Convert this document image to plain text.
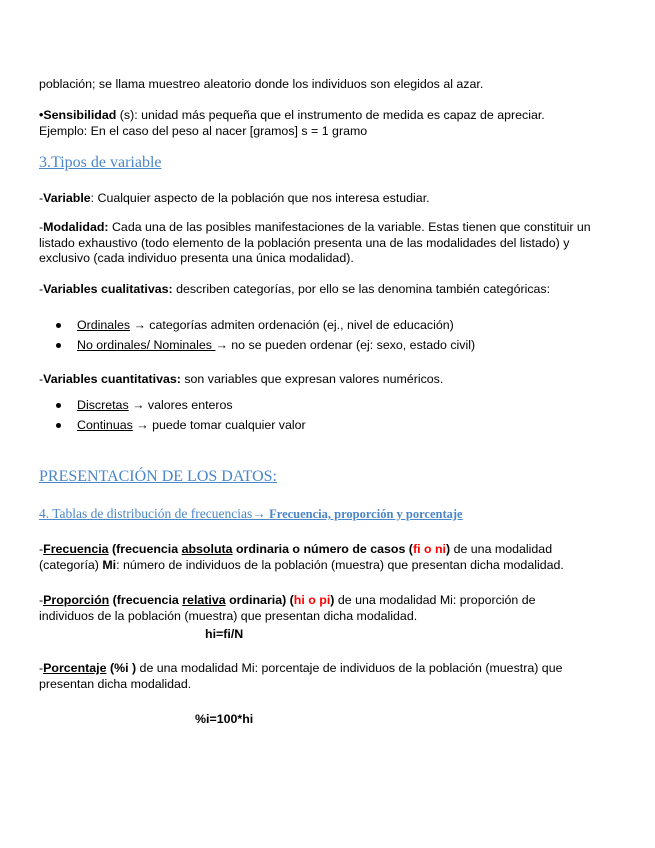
población; se llama muestreo aleatorio donde los individuos son elegidos al azar.
•Sensibilidad (s): unidad más pequeña que el instrumento de medida es capaz de apreciar.
Ejemplo: En el caso del peso al nacer [gramos] s = 1 gramo
3.Tipos de variable
-Variable: Cualquier aspecto de la población que nos interesa estudiar.
-Modalidad: Cada una de las posibles manifestaciones de la variable. Estas tienen que constituir un listado exhaustivo (todo elemento de la población presenta una de las modalidades del listado) y exclusivo (cada individuo presenta una única modalidad).
-Variables cualitativas: describen categorías, por ello se las denomina también categóricas:
Ordinales → categorías admiten ordenación (ej., nivel de educación)
No ordinales/ Nominales → no se pueden ordenar (ej: sexo, estado civil)
-Variables cuantitativas: son variables que expresan valores numéricos.
Discretas → valores enteros
Continuas → puede tomar cualquier valor
PRESENTACIÓN DE LOS DATOS:
4. Tablas de distribución de frecuencias→ Frecuencia, proporción y porcentaje
-Frecuencia (frecuencia absoluta ordinaria o número de casos (fi o ni) de una modalidad (categoría) Mi: número de individuos de la población (muestra) que presentan dicha modalidad.
-Proporción (frecuencia relativa ordinaria) (hi o pi) de una modalidad Mi: proporción de individuos de la población (muestra) que presentan dicha modalidad.
hi=fi/N
-Porcentaje (%i ) de una modalidad Mi: porcentaje de individuos de la población (muestra) que presentan dicha modalidad.
%i=100*hi
